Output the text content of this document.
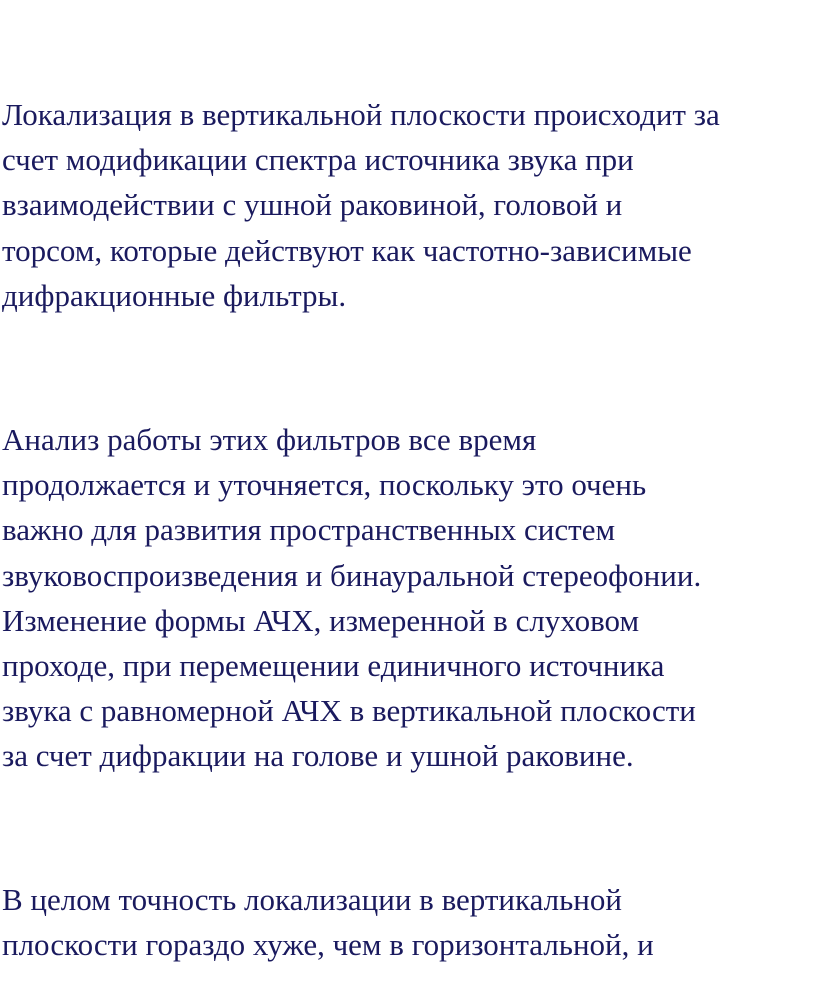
Локализация в вертикальной плоскости происходит за
счет модификации спектра источника звука при
взаимодействии с ушной раковиной, головой и
торсом, которые действуют как частотно-зависимые
дифракционные фильтры.

Анализ работы этих фильтров все время
продолжается и уточняется, поскольку это очень
важно для развития пространственных систем
звуковоспроизведения и бинауральной стереофонии.
Изменение формы АЧХ, измеренной в слуховом
проходе, при перемещении единичного источника
звука с равномерной АЧХ в вертикальной плоскости
за счет дифракции на голове и ушной раковине.

В целом точность локализации в вертикальной
плоскости гораздо хуже, чем в горизонтальной, и
